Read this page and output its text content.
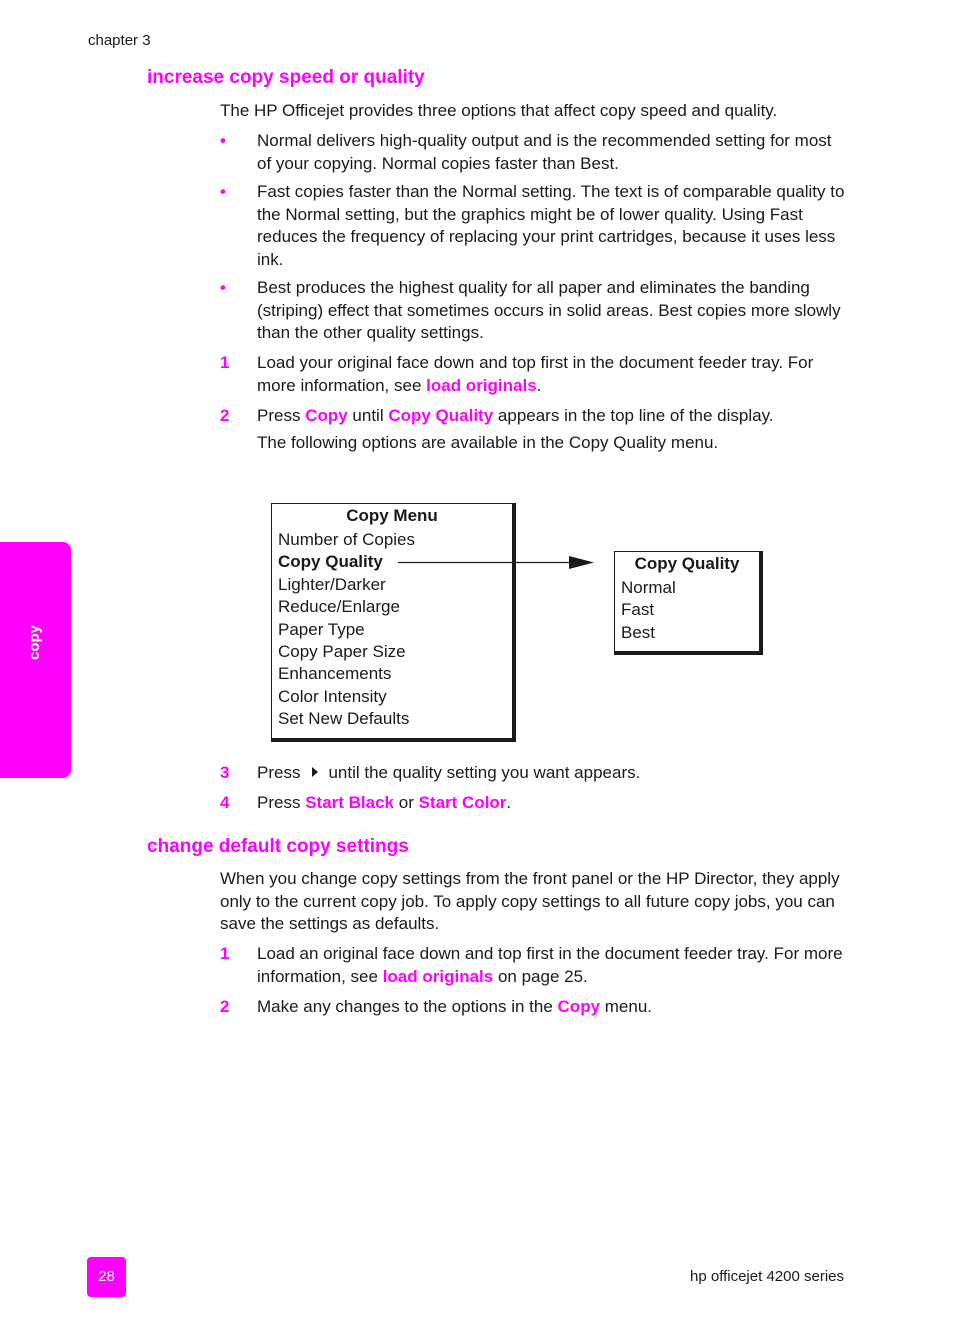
chapter 3
increase copy speed or quality
The HP Officejet provides three options that affect copy speed and quality.
• Normal delivers high-quality output and is the recommended setting for most of your copying. Normal copies faster than Best.
• Fast copies faster than the Normal setting. The text is of comparable quality to the Normal setting, but the graphics might be of lower quality. Using Fast reduces the frequency of replacing your print cartridges, because it uses less ink.
• Best produces the highest quality for all paper and eliminates the banding (striping) effect that sometimes occurs in solid areas. Best copies more slowly than the other quality settings.
1 Load your original face down and top first in the document feeder tray. For more information, see load originals.
2 Press Copy until Copy Quality appears in the top line of the display.
The following options are available in the Copy Quality menu.
Copy Menu
Number of Copies
Copy Quality
Lighter/Darker
Reduce/Enlarge
Paper Type
Copy Paper Size
Enhancements
Color Intensity
Set New Defaults
Copy Quality
Normal
Fast
Best
3 Press until the quality setting you want appears.
4 Press Start Black or Start Color.
change default copy settings
When you change copy settings from the front panel or the HP Director, they apply only to the current copy job. To apply copy settings to all future copy jobs, you can save the settings as defaults.
1 Load an original face down and top first in the document feeder tray. For more information, see load originals on page 25.
2 Make any changes to the options in the Copy menu.
copy
28	hp officejet 4200 series
